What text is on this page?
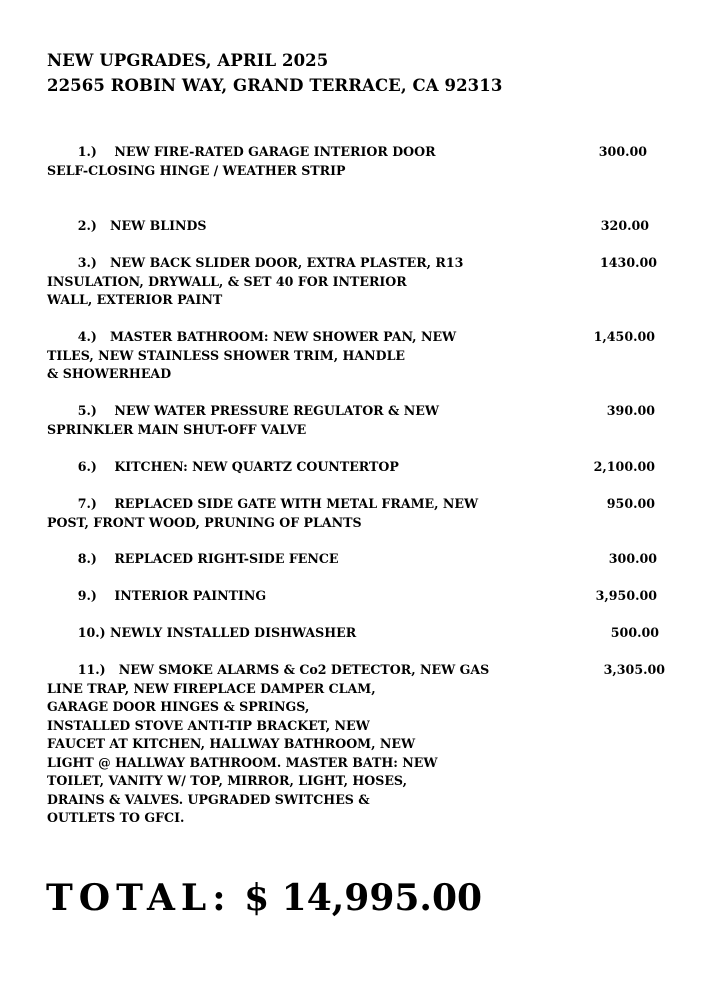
NEW UPGRADES, APRIL 2025
22565 ROBIN WAY, GRAND TERRACE, CA 92313
1.)    NEW FIRE-RATED GARAGE INTERIOR DOOR
SELF-CLOSING HINGE / WEATHER STRIP
300.00
2.)   NEW BLINDS	320.00
3.)   NEW BACK SLIDER DOOR, EXTRA PLASTER, R13
INSULATION, DRYWALL, & SET 40 FOR INTERIOR
WALL, EXTERIOR PAINT
1430.00
4.)   MASTER BATHROOM: NEW SHOWER PAN, NEW
TILES, NEW STAINLESS SHOWER TRIM, HANDLE
& SHOWERHEAD
1,450.00
5.)    NEW WATER PRESSURE REGULATOR & NEW
SPRINKLER MAIN SHUT-OFF VALVE
390.00
6.)    KITCHEN: NEW QUARTZ COUNTERTOP	2,100.00
7.)    REPLACED SIDE GATE WITH METAL FRAME, NEW
POST, FRONT WOOD, PRUNING OF PLANTS
950.00
8.)    REPLACED RIGHT-SIDE FENCE	300.00
9.)    INTERIOR PAINTING	3,950.00
10.) NEWLY INSTALLED DISHWASHER	500.00
11.)   NEW SMOKE ALARMS & Co2 DETECTOR, NEW GAS
LINE TRAP, NEW FIREPLACE DAMPER CLAM,
GARAGE DOOR HINGES & SPRINGS,
INSTALLED STOVE ANTI-TIP BRACKET, NEW
FAUCET AT KITCHEN, HALLWAY BATHROOM, NEW
LIGHT @ HALLWAY BATHROOM. MASTER BATH: NEW
TOILET, VANITY W/ TOP, MIRROR, LIGHT, HOSES,
DRAINS & VALVES. UPGRADED SWITCHES &
OUTLETS TO GFCI.
3,305.00
TOTAL: $ 14,995.00
